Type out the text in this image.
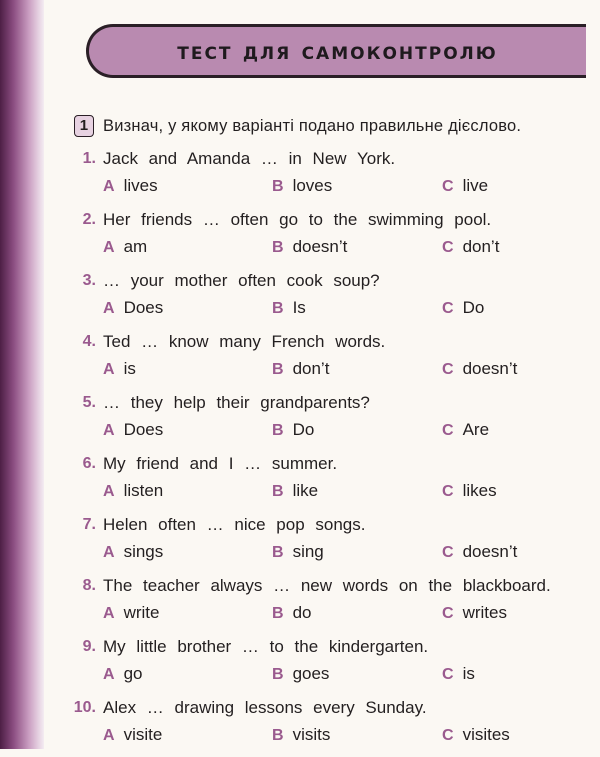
тест для самоконтролю
1 Визнач, у якому варіанті подано правильне дієслово.
1. Jack and Amanda … in New York.
A lives	B loves	C live
2. Her friends … often go to the swimming pool.
A am	B doesn’t	C don’t
3. … your mother often cook soup?
A Does	B Is	C Do
4. Ted … know many French words.
A is	B don’t	C doesn’t
5. … they help their grandparents?
A Does	B Do	C Are
6. My friend and I … summer.
A listen	B like	C likes
7. Helen often … nice pop songs.
A sings	B sing	C doesn’t
8. The teacher always … new words on the blackboard.
A write	B do	C writes
9. My little brother … to the kindergarten.
A go	B goes	C is
10. Alex … drawing lessons every Sunday.
A visite	B visits	C visites
